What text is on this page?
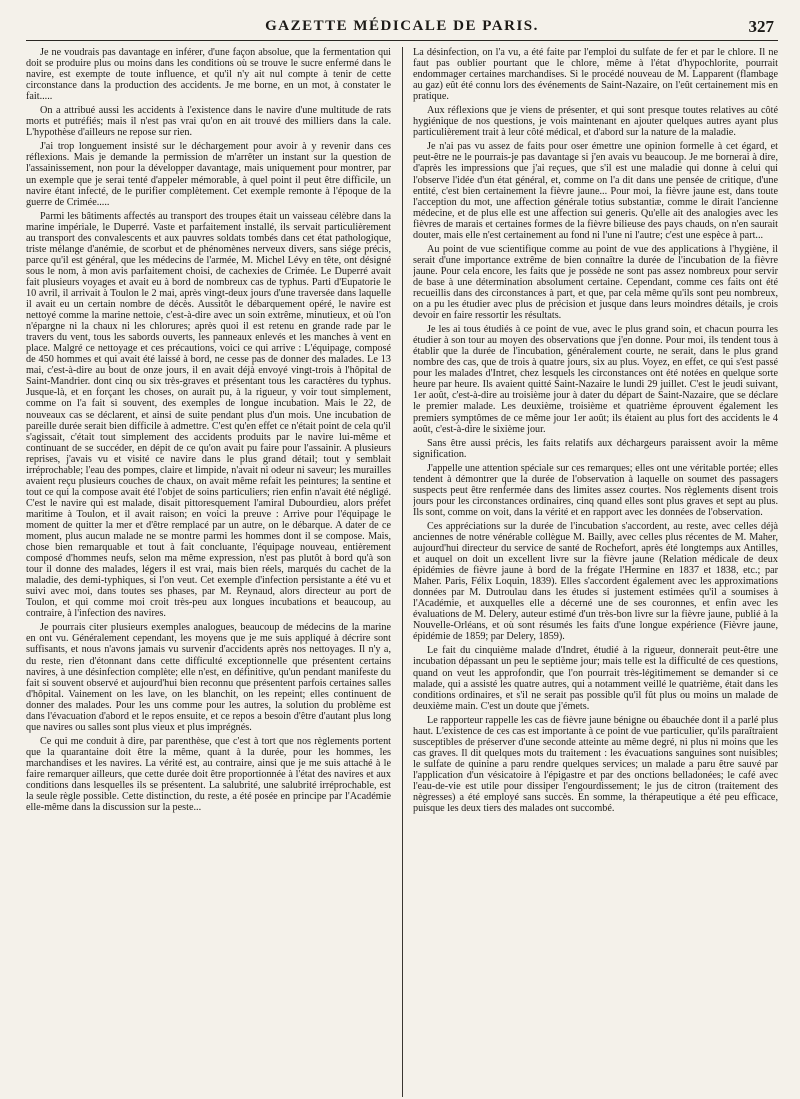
GAZETTE MÉDICALE DE PARIS.	327

Je ne voudrais pas davantage en inférer, d'une façon absolue, que la fermentation qui doit se produire plus ou moins dans les conditions où se trouve le sucre enfermé dans le navire, est exempte de toute influence, et qu'il n'y ait nul compte à tenir de cette circonstance dans la production des accidents. Je me borne, en un mot, à constater le fait.....

On a attribué aussi les accidents à l'existence dans le navire d'une multitude de rats morts et putréfiés; mais il n'est pas vrai qu'on en ait trouvé des milliers dans la cale. L'hypothèse d'ailleurs ne repose sur rien.

J'ai trop longuement insisté sur le déchargement pour avoir à y revenir dans ces réflexions. Mais je demande la permission de m'arrêter un instant sur la question de l'assainissement, non pour la développer davantage, mais uniquement pour montrer, par un exemple que je serai tenté d'appeler mémorable, à quel point il peut être difficile, un navire étant infecté, de le purifier complètement. Cet exemple remonte à l'époque de la guerre de Crimée.....

Parmi les bâtiments affectés au transport des troupes était un vaisseau célèbre dans la marine impériale, le Duperré. Vaste et parfaitement installé, ils servait particulièrement au transport des convalescents et aux pauvres soldats tombés dans cet état pathologique, triste mélange d'anémie, de scorbut et de phénomènes nerveux divers, sans siége précis, parce qu'il est général, que les médecins de l'armée, M. Michel Lévy en tête, ont désigné sous le nom, à mon avis parfaitement choisi, de cachexies de Crimée. Le Duperré avait fait plusieurs voyages et avait eu à bord de nombreux cas de typhus. Parti d'Eupatorie le 10 avril, il arrivait à Toulon le 2 mai, après vingt-deux jours d'une traversée dans laquelle il avait eu un certain nombre de décès. Aussitôt le débarquement opéré, le navire est nettoyé comme la marine nettoie, c'est-à-dire avec un soin extrême, minutieux, et où l'on n'épargne ni la chaux ni les chlorures; après quoi il est retenu en grande rade par le travers du vent, tous les sabords ouverts, les panneaux enlevés et les manches à vent en place. Malgré ce nettoyage et ces précautions, voici ce qui arrive : L'équipage, composé de 450 hommes et qui avait été laissé à bord, ne cesse pas de donner des malades. Le 13 mai, c'est-à-dire au bout de onze jours, il en avait déjà envoyé vingt-trois à l'hôpital de Saint-Mandrier. dont cinq ou six très-graves et présentant tous les caractères du typhus. Jusque-là, et en forçant les choses, on aurait pu, à la rigueur, y voir tout simplement, comme on l'a fait si souvent, des exemples de longue incubation. Mais le 22, de nouveaux cas se déclarent, et ainsi de suite pendant plus d'un mois. Une incubation de pareille durée serait bien difficile à admettre. C'est qu'en effet ce n'était point de cela qu'il s'agissait, c'était tout simplement des accidents produits par le navire lui-même et continuant de se succéder, en dépit de ce qu'on avait pu faire pour l'assainir. A plusieurs reprises, j'avais vu et visité ce navire dans le plus grand détail; tout y semblait irréprochable; l'eau des pompes, claire et limpide, n'avait ni odeur ni saveur; les murailles avaient reçu plusieurs couches de chaux, on avait même refait les peintures; la sentine et tout ce qui la compose avait été l'objet de soins particuliers; rien enfin n'avait été négligé. C'est le navire qui est malade, disait pittoresquement l'amiral Dubourdieu, alors préfet maritime à Toulon, et il avait raison; en voici la preuve : Arrive pour l'équipage le moment de quitter la mer et d'être remplacé par un autre, on le débarque. A dater de ce moment, plus aucun malade ne se montre parmi les hommes dont il se compose. Mais, chose bien remarquable et tout à fait concluante, l'équipage nouveau, entièrement composé d'hommes neufs, selon ma même expression, n'est pas plutôt à bord qu'à son tour il donne des malades, légers il est vrai, mais bien réels, marqués du cachet de la maladie, des demi-typhiques, si l'on veut. Cet exemple d'infection persistante a été vu et suivi avec moi, dans toutes ses phases, par M. Reynaud, alors directeur au port de Toulon, et qui comme moi croit très-peu aux longues incubations et beaucoup, au contraire, à l'infection des navires.

Je pourrais citer plusieurs exemples analogues, beaucoup de médecins de la marine en ont vu. Généralement cependant, les moyens que je me suis appliqué à décrire sont suffisants, et nous n'avons jamais vu survenir d'accidents après nos nettoyages. Il n'y a, du reste, rien d'étonnant dans cette difficulté exceptionnelle que présentent certains navires, à une désinfection complète; elle n'est, en définitive, qu'un pendant manifeste du fait si souvent observé et aujourd'hui bien reconnu que présentent parfois certaines salles d'hôpital. Vainement on les lave, on les blanchit, on les repeint; elles continuent de donner des malades. Pour les uns comme pour les autres, la solution du problème est dans l'évacuation d'abord et le repos ensuite, et ce repos a besoin d'être d'autant plus long que navires ou salles sont plus vieux et plus imprégnés.

Ce qui me conduit à dire, par parenthèse, que c'est à tort que nos règlements portent que la quarantaine doit être la même, quant à la durée, pour les hommes, les marchandises et les navires. La vérité est, au contraire, ainsi que je me suis attaché à le faire remarquer ailleurs, que cette durée doit être proportionnée à l'état des navires et aux conditions dans lesquelles ils se présentent. La salubrité, une salubrité irréprochable, est la seule règle possible. Cette distinction, du reste, a été posée en principe par l'Académie elle-même dans la discussion sur la peste...

La désinfection, on l'a vu, a été faite par l'emploi du sulfate de fer et par le chlore. Il ne faut pas oublier pourtant que le chlore, même à l'état d'hypochlorite, pourrait endommager certaines marchandises. Si le procédé nouveau de M. Lapparent (flambage au gaz) eût été connu lors des événements de Saint-Nazaire, on l'eût certainement mis en pratique.

Aux réflexions que je viens de présenter, et qui sont presque toutes relatives au côté hygiénique de nos questions, je vois maintenant en ajouter quelques autres ayant plus particulièrement trait à leur côté médical, et d'abord sur la nature de la maladie.

Je n'ai pas vu assez de faits pour oser émettre une opinion formelle à cet égard, et peut-être ne le pourrais-je pas davantage si j'en avais vu beaucoup. Je me bornerai à dire, d'après les impressions que j'ai reçues, que s'il est une maladie qui donne à celui qui l'observe l'idée d'un état général, et, comme on l'a dit dans une pensée de critique, d'une entité, c'est bien certainement la fièvre jaune... Pour moi, la fièvre jaune est, dans toute l'acception du mot, une affection générale totius substantiæ, comme le dirait l'ancienne médecine, et de plus elle est une affection sui generis. Qu'elle ait des analogies avec les fièvres de marais et certaines formes de la fièvre bilieuse des pays chauds, on n'en saurait douter, mais elle n'est certainement au fond ni l'une ni l'autre; c'est une espèce à part...

Au point de vue scientifique comme au point de vue des applications à l'hygiène, il serait d'une importance extrême de bien connaître la durée de l'incubation de la fièvre jaune. Pour cela encore, les faits que je possède ne sont pas assez nombreux pour servir de base à une détermination absolument certaine. Cependant, comme ces faits ont été recueillis dans des circonstances à part, et que, par cela même qu'ils sont peu nombreux, on a pu les étudier avec plus de précision et jusque dans leurs moindres détails, je crois devoir en faire ressortir les résultats.

Je les ai tous étudiés à ce point de vue, avec le plus grand soin, et chacun pourra les étudier à son tour au moyen des observations que j'en donne. Pour moi, ils tendent tous à établir que la durée de l'incubation, généralement courte, ne serait, dans le plus grand nombre des cas, que de trois à quatre jours, six au plus. Voyez, en effet, ce qui s'est passé pour les malades d'Intret, chez lesquels les circonstances ont été notées en quelque sorte heure par heure. Ils avaient quitté Saint-Nazaire le lundi 29 juillet. C'est le jeudi suivant, 1er août, c'est-à-dire au troisième jour à dater du départ de Saint-Nazaire, que se déclare le premier malade. Les deuxième, troisième et quatrième éprouvent également les premiers symptômes de ce même jour 1er août; ils étaient au plus fort des accidents le 4 août, c'est-à-dire le sixième jour.

Sans être aussi précis, les faits relatifs aux déchargeurs paraissent avoir la même signification.

J'appelle une attention spéciale sur ces remarques; elles ont une véritable portée; elles tendent à démontrer que la durée de l'observation à laquelle on soumet des passagers suspects peut être renfermée dans des limites assez courtes. Nos règlements disent trois jours pour les circonstances ordinaires, cinq quand elles sont plus graves et sept au plus. Ils sont, comme on voit, dans la vérité et en rapport avec les données de l'observation.

Ces appréciations sur la durée de l'incubation s'accordent, au reste, avec celles déjà anciennes de notre vénérable collègue M. Bailly, avec celles plus récentes de M. Maher, aujourd'hui directeur du service de santé de Rochefort, après été longtemps aux Antilles, et auquel on doit un excellent livre sur la fièvre jaune (Relation médicale de deux épidémies de fièvre jaune à bord de la frégate l'Hermine en 1837 et 1838, etc.; par Maher. Paris, Félix Loquin, 1839). Elles s'accordent également avec les approximations données par M. Dutroulau dans les études si justement estimées qu'il a soumises à l'Académie, et auxquelles elle a décerné une de ses couronnes, et enfin avec les évaluations de M. Delery, auteur estimé d'un très-bon livre sur la fièvre jaune, publié à la Nouvelle-Orléans, et où sont résumés les faits d'une longue expérience (Fièvre jaune, épidémie de 1859; par Delery, 1859).

Le fait du cinquième malade d'Indret, étudié à la rigueur, donnerait peut-être une incubation dépassant un peu le septième jour; mais telle est la difficulté de ces questions, quand on veut les approfondir, que l'on pourrait très-légitimement se demander si ce malade, qui a assisté les quatre autres, qui a notamment veillé le quatrième, était dans les conditions ordinaires, et s'il ne serait pas possible qu'il fût plus ou moins un malade de deuxième main. C'est un doute que j'émets.

Le rapporteur rappelle les cas de fièvre jaune bénigne ou ébauchée dont il a parlé plus haut. L'existence de ces cas est importante à ce point de vue particulier, qu'ils paraîtraient susceptibles de préserver d'une seconde atteinte au même degré, ni plus ni moins que les cas graves. Il dit quelques mots du traitement : les évacuations sanguines sont nuisibles; le sulfate de quinine a paru rendre quelques services; un malade a paru être sauvé par l'application d'un vésicatoire à l'épigastre et par des onctions belladonées; le café avec l'eau-de-vie est utile pour dissiper l'engourdissement; le jus de citron (traitement des nègresses) a été employé sans succès. En somme, la thérapeutique a été peu efficace, puisque les deux tiers des malades ont succombé.
